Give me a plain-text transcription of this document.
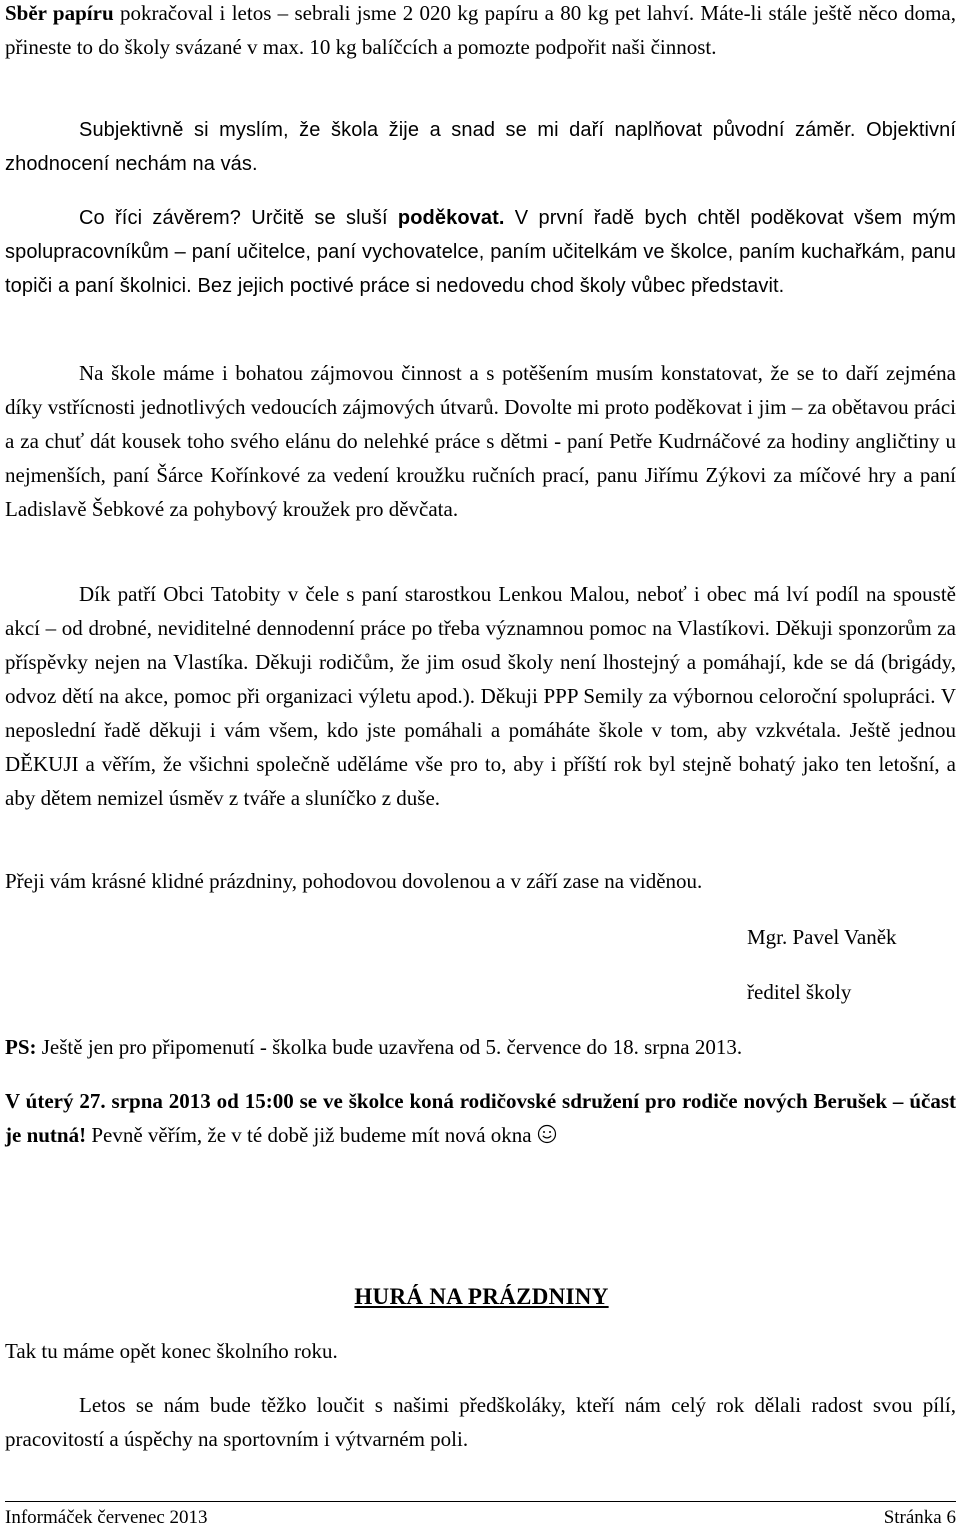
Sběr papíru pokračoval i letos – sebrali jsme 2 020 kg papíru a 80 kg pet lahví. Máte-li stále ještě něco doma, přineste to do školy svázané v max. 10 kg balíčcích a pomozte podpořit naši činnost.

Subjektivně si myslím, že škola žije a snad se mi daří naplňovat původní záměr. Objektivní zhodnocení nechám na vás.

Co říci závěrem? Určitě se sluší poděkovat. V první řadě bych chtěl poděkovat všem mým spolupracovníkům – paní učitelce, paní vychovatelce, paním učitelkám ve školce, paním kuchařkám, panu topiči a paní školnici. Bez jejich poctivé práce si nedovedu chod školy vůbec představit.

Na škole máme i bohatou zájmovou činnost a s potěšením musím konstatovat, že se to daří zejména díky vstřícnosti jednotlivých vedoucích zájmových útvarů. Dovolte mi proto poděkovat i jim – za obětavou práci a za chuť dát kousek toho svého elánu do nelehké práce s dětmi - paní Petře Kudrnáčové za hodiny angličtiny u nejmenších, paní Šárce Kořínkové za vedení kroužku ručních prací, panu Jiřímu Zýkovi za míčové hry a paní Ladislavě Šebkové za pohybový kroužek pro děvčata.

Dík patří Obci Tatobity v čele s paní starostkou Lenkou Malou, neboť i obec má lví podíl na spoustě akcí – od drobné, neviditelné dennodenní práce po třeba významnou pomoc na Vlastíkovi. Děkuji sponzorům za příspěvky nejen na Vlastíka. Děkuji rodičům, že jim osud školy není lhostejný a pomáhají, kde se dá (brigády, odvoz dětí na akce, pomoc při organizaci výletu apod.). Děkuji PPP Semily za výbornou celoroční spolupráci. V neposlední řadě děkuji i vám všem, kdo jste pomáhali a pomáháte škole v tom, aby vzkvétala. Ještě jednou DĚKUJI a věřím, že všichni společně uděláme vše pro to, aby i příští rok byl stejně bohatý jako ten letošní, a aby dětem nemizel úsměv z tváře a sluníčko z duše.

Přeji vám krásné klidné prázdniny, pohodovou dovolenou a v září zase na viděnou.

Mgr. Pavel Vaněk
ředitel školy

PS: Ještě jen pro připomenutí - školka bude uzavřena od 5. července do 18. srpna 2013.

V úterý 27. srpna 2013 od 15:00 se ve školce koná rodičovské sdružení pro rodiče nových Berušek – účast je nutná! Pevně věřím, že v té době již budeme mít nová okna

HURÁ NA PRÁZDNINY

Tak tu máme opět konec školního roku.

Letos se nám bude těžko loučit s našimi předškoláky, kteří nám celý rok dělali radost svou pílí, pracovitostí a úspěchy na sportovním i výtvarném poli.

Informáček červenec 2013	Stránka 6
